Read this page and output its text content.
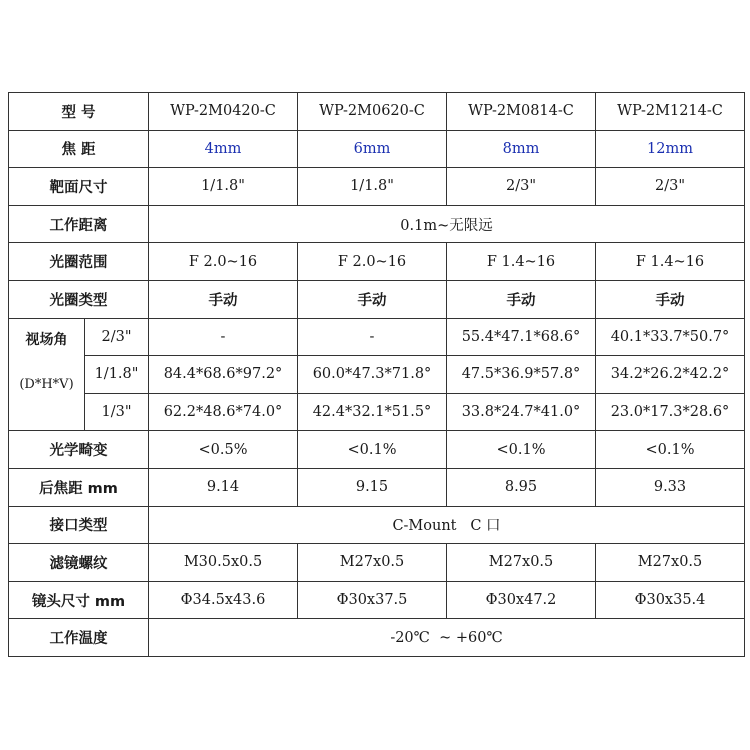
型 号		WP-2M0420-C	WP-2M0620-C	WP-2M0814-C	WP-2M1214-C
焦 距		4mm	6mm	8mm	12mm
靶面尺寸		1/1.8"	1/1.8"	2/3"	2/3"
工作距离		0.1m~无限远			
光圈范围		F 2.0~16	F 2.0~16	F 1.4~16	F 1.4~16
光圈类型		手动	手动	手动	手动

视场角
(D*H*V)	2/3"	-	-	55.4*47.1*68.6°	40.1*33.7*50.7°
	1/1.8"	84.4*68.6*97.2°	60.0*47.3*71.8°	47.5*36.9*57.8°	34.2*26.2*42.2°
	1/3"	62.2*48.6*74.0°	42.4*32.1*51.5°	33.8*24.7*41.0°	23.0*17.3*28.6°
光学畸变		<0.5%	<0.1%	<0.1%	<0.1%
后焦距 mm		9.14	9.15	8.95	9.33
接口类型		C-Mount   C 口			
滤镜螺纹		M30.5x0.5	M27x0.5	M27x0.5	M27x0.5
镜头尺寸 mm		Φ34.5x43.6	Φ30x37.5	Φ30x47.2	Φ30x35.4
工作温度		-20℃  ~ +60℃			
